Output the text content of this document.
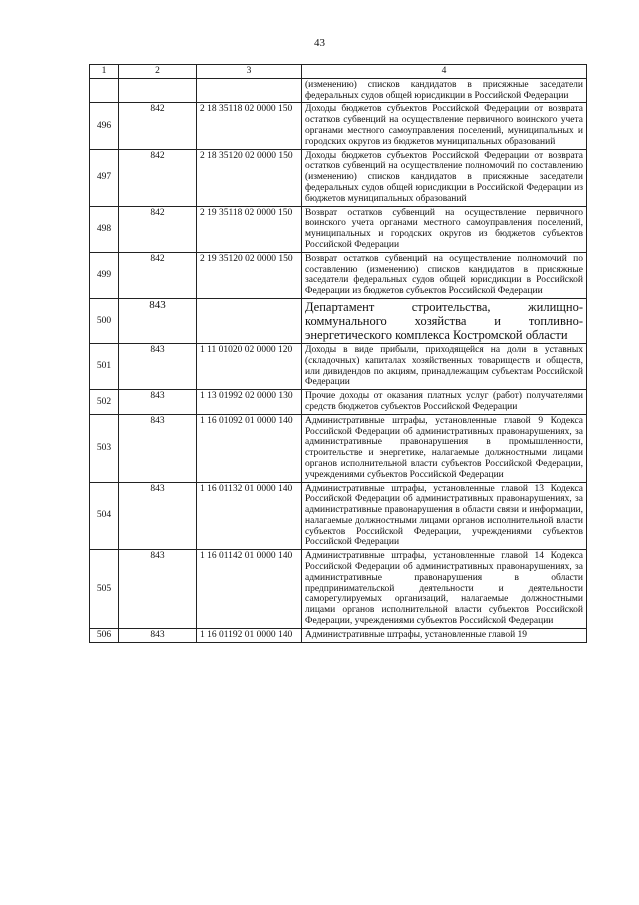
43
1	2	3	4
			(изменению) списков кандидатов в присяжные заседатели федеральных судов общей юрисдикции в Российской Федерации
496	842	2 18 35118 02 0000 150	Доходы бюджетов субъектов Российской Федерации от возврата остатков субвенций на осуществление первичного воинского учета органами местного самоуправления поселений, муниципальных и городских округов из бюджетов муниципальных образований
497	842	2 18 35120 02 0000 150	Доходы бюджетов субъектов Российской Федерации от возврата остатков субвенций на осуществление полномочий по составлению (изменению) списков кандидатов в присяжные заседатели федеральных судов общей юрисдикции в Российской Федерации из бюджетов муниципальных образований
498	842	2 19 35118 02 0000 150	Возврат остатков субвенций на осуществление первичного воинского учета органами местного самоуправления поселений, муниципальных и городских округов из бюджетов субъектов Российской Федерации
499	842	2 19 35120 02 0000 150	Возврат остатков субвенций на осуществление полномочий по составлению (изменению) списков кандидатов в присяжные заседатели федеральных судов общей юрисдикции в Российской Федерации из бюджетов субъектов Российской Федерации
500	843		Департамент строительства, жилищно-коммунального хозяйства и топливно-энергетического комплекса Костромской области
501	843	1 11 01020 02 0000 120	Доходы в виде прибыли, приходящейся на доли в уставных (складочных) капиталах хозяйственных товариществ и обществ, или дивидендов по акциям, принадлежащим субъектам Российской Федерации
502	843	1 13 01992 02 0000 130	Прочие доходы от оказания платных услуг (работ) получателями средств бюджетов субъектов Российской Федерации
503	843	1 16 01092 01 0000 140	Административные штрафы, установленные главой 9 Кодекса Российской Федерации об административных правонарушениях, за административные правонарушения в промышленности, строительстве и энергетике, налагаемые должностными лицами органов исполнительной власти субъектов Российской Федерации, учреждениями субъектов Российской Федерации
504	843	1 16 01132 01 0000 140	Административные штрафы, установленные главой 13 Кодекса Российской Федерации об административных правонарушениях, за административные правонарушения в области связи и информации, налагаемые должностными лицами органов исполнительной власти субъектов Российской Федерации, учреждениями субъектов Российской Федерации
505	843	1 16 01142 01 0000 140	Административные штрафы, установленные главой 14 Кодекса Российской Федерации об административных правонарушениях, за административные правонарушения в области предпринимательской деятельности и деятельности саморегулируемых организаций, налагаемые должностными лицами органов исполнительной власти субъектов Российской Федерации, учреждениями субъектов Российской Федерации
506	843	1 16 01192 01 0000 140	Административные штрафы, установленные главой 19
